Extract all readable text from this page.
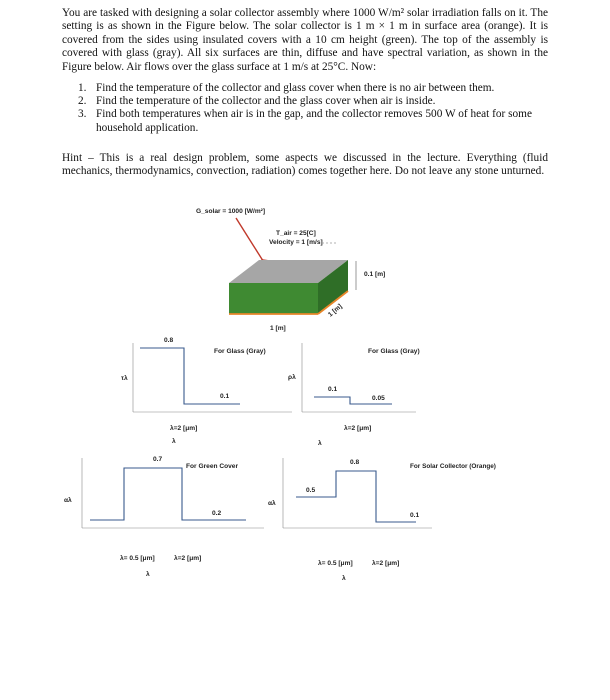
You are tasked with designing a solar collector assembly where 1000 W/m² solar irradiation falls on it. The setting is as shown in the Figure below. The solar collector is 1 m × 1 m in surface area (orange). It is covered from the sides using insulated covers with a 10 cm height (green). The top of the assembly is covered with glass (gray). All six surfaces are thin, diffuse and have spectral variation, as shown in the Figure below. Air flows over the glass surface at 1 m/s at 25°C. Now:

1. Find the temperature of the collector and glass cover when there is no air between them.
2. Find the temperature of the collector and the glass cover when air is inside.
3. Find both temperatures when air is in the gap, and the collector removes 500 W of heat for some household application.

Hint – This is a real design problem, some aspects we discussed in the lecture. Everything (fluid mechanics, thermodynamics, convection, radiation) comes together here. Do not leave any stone unturned.

G_solar = 1000 [W/m²]
T_air = 25[C]
Velocity = 1 [m/s]
0.1 [m]
1 [m]
1 [m]
0.8
For Glass (Gray)
0.1
τλ
λ=2 [μm]
λ
For Glass (Gray)
0.1
0.05
ρλ
λ=2 [μm]
λ
0.7
For Green Cover
0.2
αλ
λ= 0.5 [μm]	λ=2 [μm]
λ
0.8
0.5
0.1
For Solar Collector (Orange)
αλ
λ= 0.5 [μm]	λ=2 [μm]
λ
